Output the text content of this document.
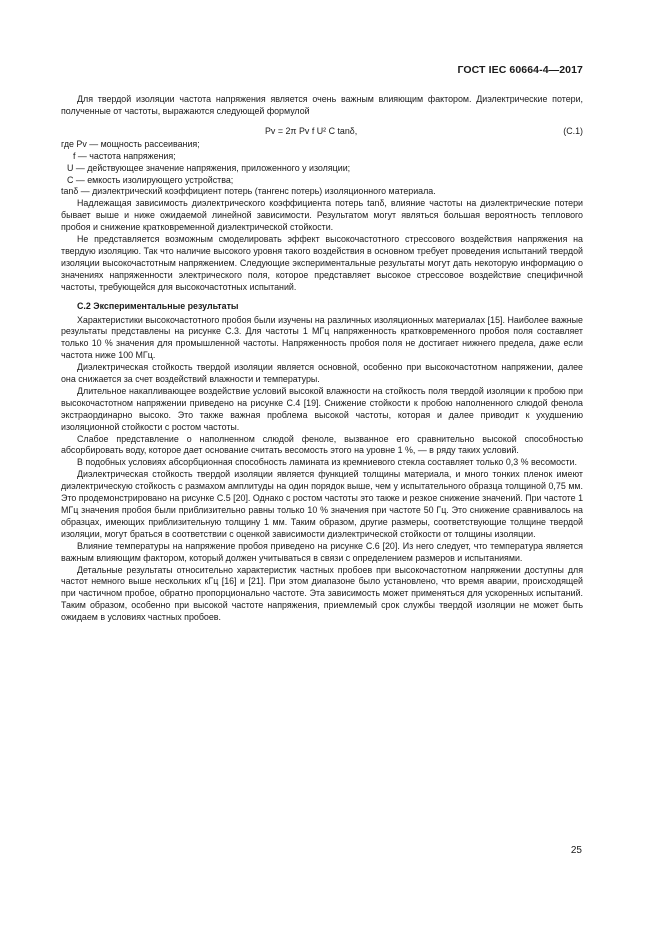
ГОСТ IEC 60664-4—2017

Для твердой изоляции частота напряжения является очень важным влияющим фактором. Диэлектрические потери, полученные от частоты, выражаются следующей формулой

Pv = 2π Pv f U² C tanδ,	(C.1)
где Pv — мощность рассеивания;
f — частота напряжения;
U — действующее значение напряжения, приложенного у изоляции;
C — емкость изолирующего устройства;
tanδ — диэлектрический коэффициент потерь (тангенс потерь) изоляционного материала.

Надлежащая зависимость диэлектрического коэффициента потерь tanδ, влияние частоты на диэлектрические потери бывает выше и ниже ожидаемой линейной зависимости. Результатом могут являться большая вероятность теплового пробоя и снижение кратковременной диэлектрической стойкости.

Не представляется возможным смоделировать эффект высокочастотного стрессового воздействия напряжения на твердую изоляцию. Так что наличие высокого уровня такого воздействия в основном требует проведения испытаний твердой изоляции высокочастотным напряжением. Следующие экспериментальные результаты могут дать некоторую информацию о значениях напряженности электрического поля, которое представляет высокое стрессовое воздействие специфичной частоты, требующейся для высокочастотных испытаний.

C.2 Экспериментальные результаты

Характеристики высокочастотного пробоя были изучены на различных изоляционных материалах [15]. Наиболее важные результаты представлены на рисунке C.3. Для частоты 1 МГц напряженность кратковременного пробоя поля составляет только 10 % значения для промышленной частоты. Напряженность пробоя поля не достигает нижнего предела, даже если частота ниже 100 МГц.

Диэлектрическая стойкость твердой изоляции является основной, особенно при высокочастотном напряжении, далее она снижается за счет воздействий влажности и температуры.

Длительное накапливающее воздействие условий высокой влажности на стойкость поля твердой изоляции к пробою при высокочастотном напряжении приведено на рисунке C.4 [19]. Снижение стойкости к пробою наполненного слюдой фенола экстраординарно высоко. Это также важная проблема высокой частоты, которая и далее приводит к ухудшению изоляционной стойкости с ростом частоты.

Слабое представление о наполненном слюдой феноле, вызванное его сравнительно высокой способностью абсорбировать воду, которое дает основание считать весомость этого на уровне 1 %, — в ряду таких условий.

В подобных условиях абсорбционная способность ламината из кремниевого стекла составляет только 0,3 % весомости.

Диэлектрическая стойкость твердой изоляции является функцией толщины материала, и много тонких пленок имеют диэлектрическую стойкость с размахом амплитуды на один порядок выше, чем у испытательного образца толщиной 0,75 мм. Это продемонстрировано на рисунке C.5 [20]. Однако с ростом частоты это также и резкое снижение значений. При частоте 1 МГц значения пробоя были приблизительно равны только 10 % значения при частоте 50 Гц. Это снижение сравнивалось на образцах, имеющих приблизительную толщину 1 мм. Таким образом, другие размеры, соответствующие толщине твердой изоляции, могут браться в соответствии с оценкой зависимости диэлектрической стойкости от толщины изоляции.

Влияние температуры на напряжение пробоя приведено на рисунке C.6 [20]. Из него следует, что температура является важным влияющим фактором, который должен учитываться в связи с определением размеров и испытаниями.

Детальные результаты относительно характеристик частных пробоев при высокочастотном напряжении доступны для частот немного выше нескольких кГц [16] и [21]. При этом диапазоне было установлено, что время аварии, происходящей при частичном пробое, обратно пропорционально частоте. Эта зависимость может применяться для ускоренных испытаний. Таким образом, особенно при высокой частоте напряжения, приемлемый срок службы твердой изоляции не может быть ожидаем в условиях частных пробоев.

25
